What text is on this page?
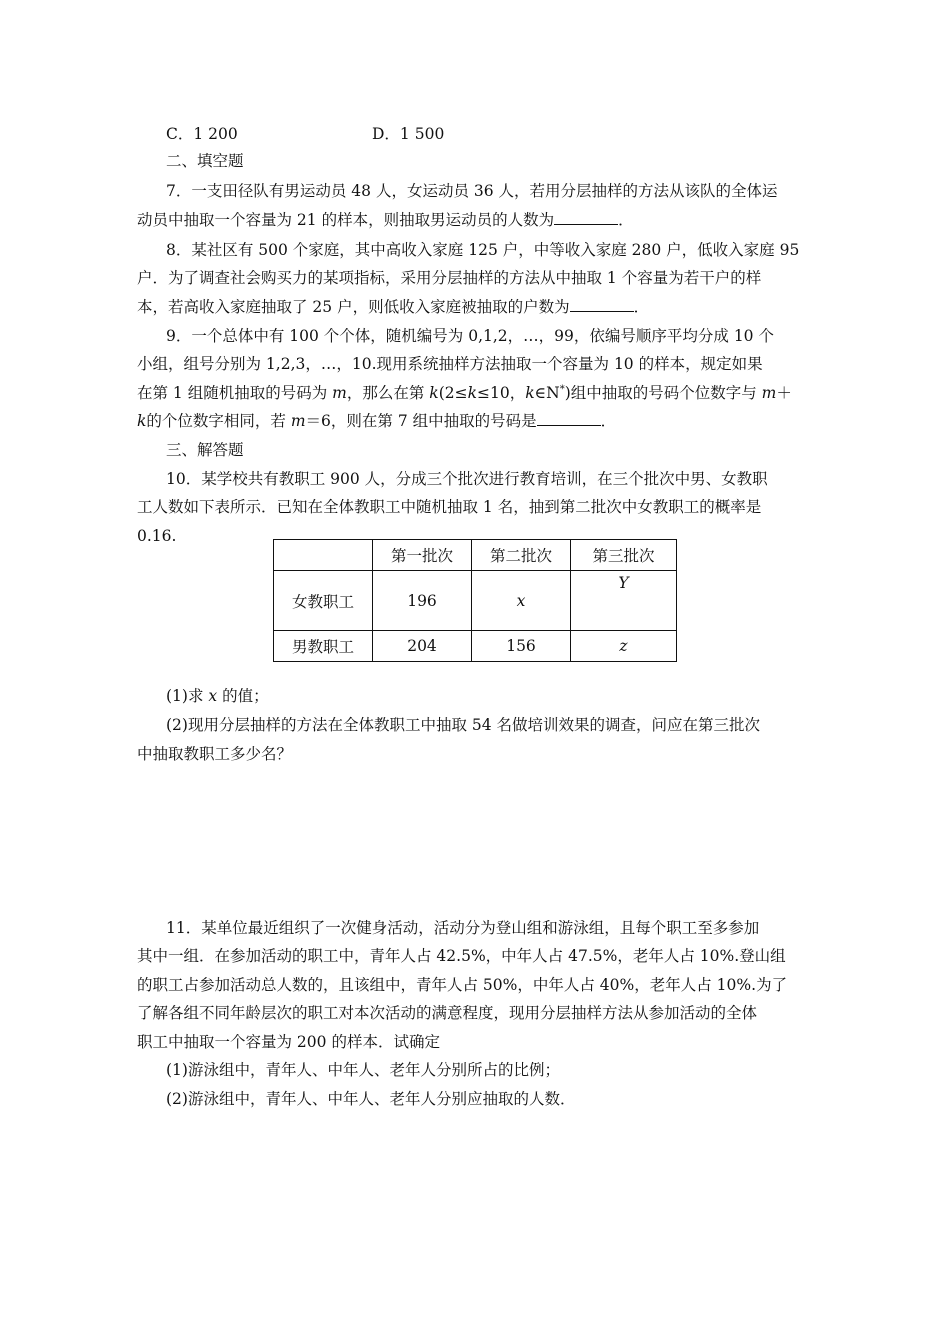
C．1 200	D．1 500
二、填空题
7．一支田径队有男运动员 48 人，女运动员 36 人，若用分层抽样的方法从该队的全体运
动员中抽取一个容量为 21 的样本，则抽取男运动员的人数为	．
8．某社区有 500 个家庭，其中高收入家庭 125 户，中等收入家庭 280 户，低收入家庭 95
户．为了调查社会购买力的某项指标，采用分层抽样的方法从中抽取 1 个容量为若干户的样
本，若高收入家庭抽取了 25 户，则低收入家庭被抽取的户数为	．
9．一个总体中有 100 个个体，随机编号为 0,1,2，…，99，依编号顺序平均分成 10 个
小组，组号分别为 1,2,3，…，10.现用系统抽样方法抽取一个容量为 10 的样本，规定如果
在第 1 组随机抽取的号码为 m，那么在第 k(2≤k≤10，k∈N*)组中抽取的号码个位数字与 m＋
k的个位数字相同，若 m＝6，则在第 7 组中抽取的号码是	．
三、解答题
10．某学校共有教职工 900 人，分成三个批次进行教育培训，在三个批次中男、女教职
工人数如下表所示．已知在全体教职工中随机抽取 1 名，抽到第二批次中女教职工的概率是
0.16.
	第一批次	第二批次	第三批次
女教职工	196	x	Y
男教职工	204	156	z
(1)求 x 的值；
(2)现用分层抽样的方法在全体教职工中抽取 54 名做培训效果的调查，问应在第三批次
中抽取教职工多少名？
11．某单位最近组织了一次健身活动，活动分为登山组和游泳组，且每个职工至多参加
其中一组．在参加活动的职工中，青年人占 42.5%，中年人占 47.5%，老年人占 10%.登山组
的职工占参加活动总人数的，且该组中，青年人占 50%，中年人占 40%，老年人占 10%.为了
了解各组不同年龄层次的职工对本次活动的满意程度，现用分层抽样方法从参加活动的全体
职工中抽取一个容量为 200 的样本．试确定
(1)游泳组中，青年人、中年人、老年人分别所占的比例；
(2)游泳组中，青年人、中年人、老年人分别应抽取的人数．
